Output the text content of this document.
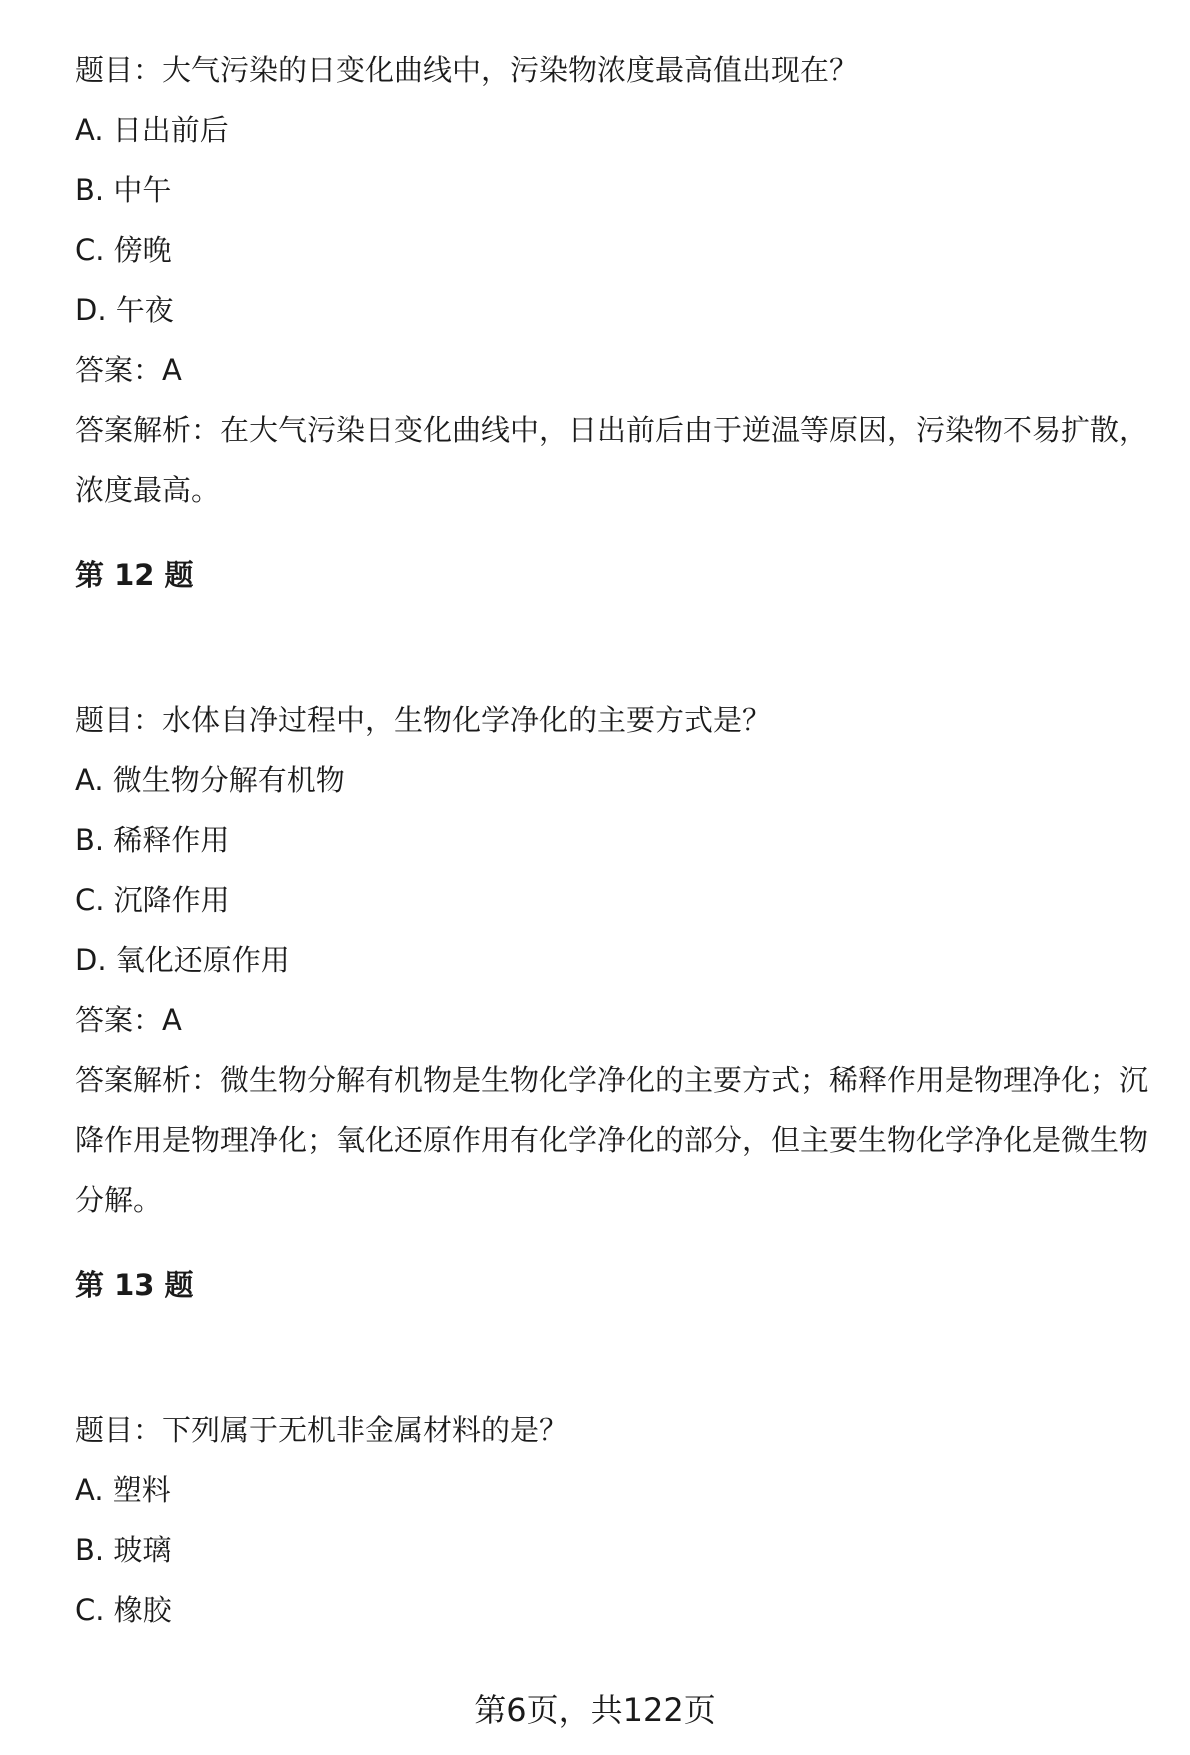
题目：大气污染的日变化曲线中，污染物浓度最高值出现在？
A. 日出前后
B. 中午
C. 傍晚
D. 午夜
答案：A
答案解析：在大气污染日变化曲线中，日出前后由于逆温等原因，污染物不易扩散，浓度最高。
第 12 题
题目：水体自净过程中，生物化学净化的主要方式是？
A. 微生物分解有机物
B. 稀释作用
C. 沉降作用
D. 氧化还原作用
答案：A
答案解析：微生物分解有机物是生物化学净化的主要方式；稀释作用是物理净化；沉降作用是物理净化；氧化还原作用有化学净化的部分，但主要生物化学净化是微生物分解。
第 13 题
题目：下列属于无机非金属材料的是？
A. 塑料
B. 玻璃
C. 橡胶
第6页，共122页
